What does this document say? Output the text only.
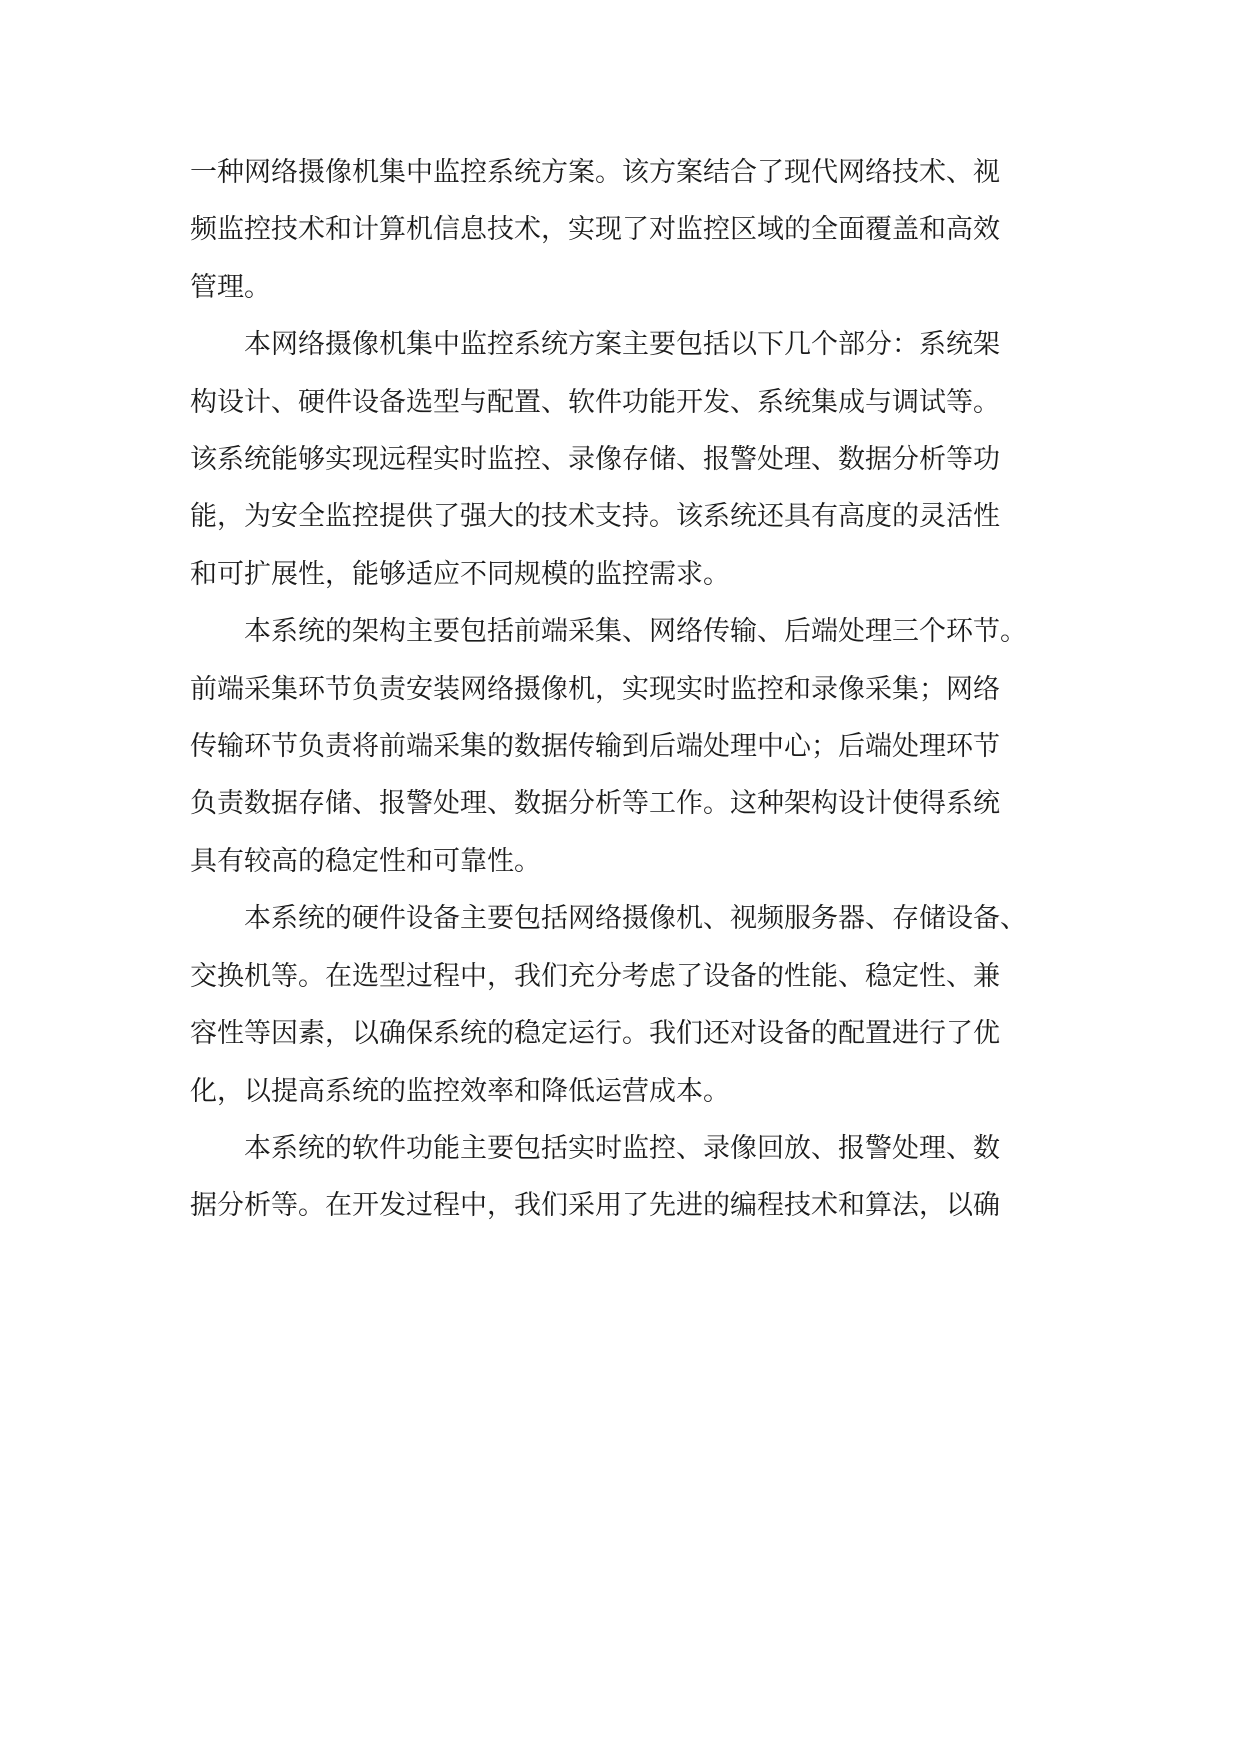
一种网络摄像机集中监控系统方案。该方案结合了现代网络技术、视
频监控技术和计算机信息技术，实现了对监控区域的全面覆盖和高效
管理。

本网络摄像机集中监控系统方案主要包括以下几个部分：系统架
构设计、硬件设备选型与配置、软件功能开发、系统集成与调试等。
该系统能够实现远程实时监控、录像存储、报警处理、数据分析等功
能，为安全监控提供了强大的技术支持。该系统还具有高度的灵活性
和可扩展性，能够适应不同规模的监控需求。

本系统的架构主要包括前端采集、网络传输、后端处理三个环节。
前端采集环节负责安装网络摄像机，实现实时监控和录像采集；网络
传输环节负责将前端采集的数据传输到后端处理中心；后端处理环节
负责数据存储、报警处理、数据分析等工作。这种架构设计使得系统
具有较高的稳定性和可靠性。

本系统的硬件设备主要包括网络摄像机、视频服务器、存储设备、
交换机等。在选型过程中，我们充分考虑了设备的性能、稳定性、兼
容性等因素，以确保系统的稳定运行。我们还对设备的配置进行了优
化，以提高系统的监控效率和降低运营成本。

本系统的软件功能主要包括实时监控、录像回放、报警处理、数
据分析等。在开发过程中，我们采用了先进的编程技术和算法，以确
